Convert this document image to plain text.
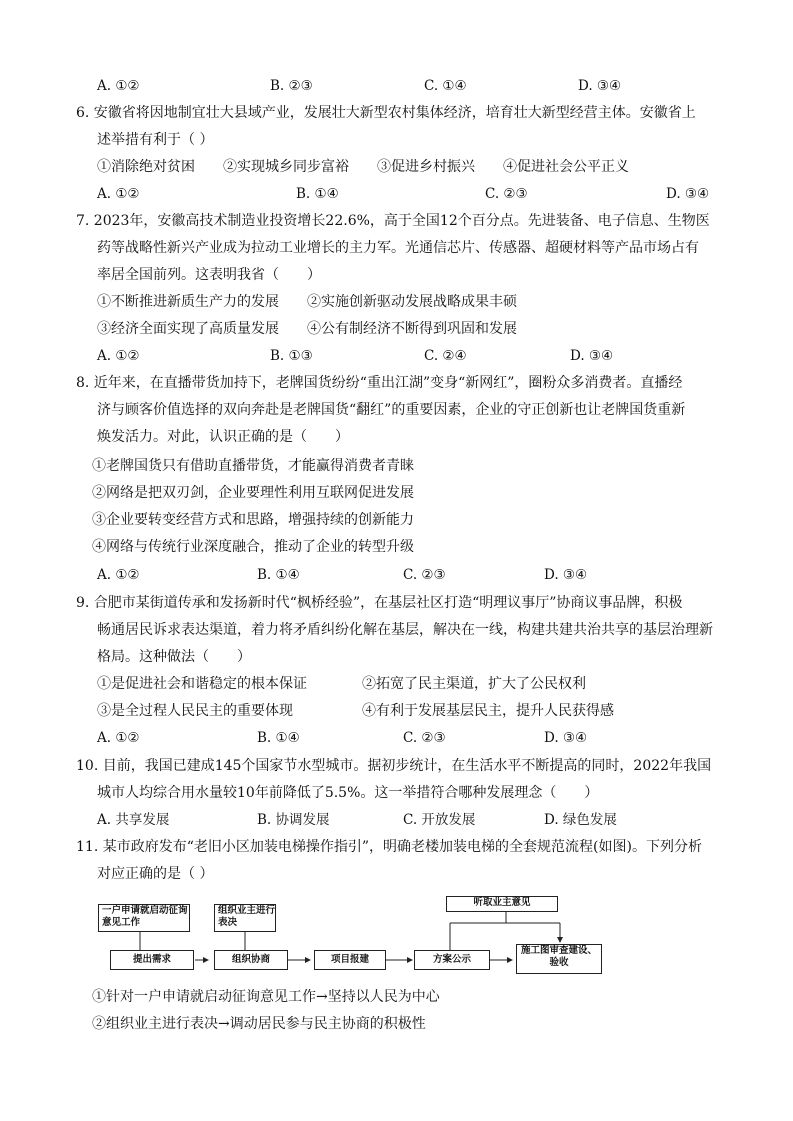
A. ①②	B. ②③	C. ①④	D. ③④
6. 安徽省将因地制宜壮大县域产业，发展壮大新型农村集体经济，培育壮大新型经营主体。安徽省上
述举措有利于（ ）
①消除绝对贫困　　②实现城乡同步富裕　　③促进乡村振兴　　④促进社会公平正义
A. ①②	B. ①④	C. ②③	D. ③④
7. 2023年，安徽高技术制造业投资增长22.6%，高于全国12个百分点。先进装备、电子信息、生物医
药等战略性新兴产业成为拉动工业增长的主力军。光通信芯片、传感器、超硬材料等产品市场占有
率居全国前列。这表明我省（　　）
①不断推进新质生产力的发展　　②实施创新驱动发展战略成果丰硕
③经济全面实现了高质量发展　　④公有制经济不断得到巩固和发展
A. ①②	B. ①③	C. ②④	D. ③④
8. 近年来，在直播带货加持下，老牌国货纷纷“重出江湖”变身“新网红”，圈粉众多消费者。直播经
济与顾客价值选择的双向奔赴是老牌国货“翻红”的重要因素，企业的守正创新也让老牌国货重新
焕发活力。对此，认识正确的是（　　）
①老牌国货只有借助直播带货，才能赢得消费者青睐
②网络是把双刃剑，企业要理性利用互联网促进发展
③企业要转变经营方式和思路，增强持续的创新能力
④网络与传统行业深度融合，推动了企业的转型升级
A. ①②	B. ①④	C. ②③	D. ③④
9. 合肥市某街道传承和发扬新时代“枫桥经验”，在基层社区打造“明理议事厅”协商议事品牌，积极
畅通居民诉求表达渠道，着力将矛盾纠纷化解在基层，解决在一线，构建共建共治共享的基层治理新
格局。这种做法（　　）
①是促进社会和谐稳定的根本保证	②拓宽了民主渠道，扩大了公民权利
③是全过程人民民主的重要体现	④有利于发展基层民主，提升人民获得感
A. ①②	B. ①④	C. ②③	D. ③④
10. 目前，我国已建成145个国家节水型城市。据初步统计，在生活水平不断提高的同时，2022年我国
城市人均综合用水量较10年前降低了5.5%。这一举措符合哪种发展理念（　　）
A. 共享发展	B. 协调发展	C. 开放发展	D. 绿色发展
11. 某市政府发布“老旧小区加装电梯操作指引”，明确老楼加装电梯的全套规范流程(如图)。下列分析
对应正确的是（ ）
一户申请就启动征询意见工作
组织业主进行表决
听取业主意见
提出需求	组织协商	项目报建	方案公示
施工图审查建设、验收
①针对一户申请就启动征询意见工作→坚持以人民为中心
②组织业主进行表决→调动居民参与民主协商的积极性
